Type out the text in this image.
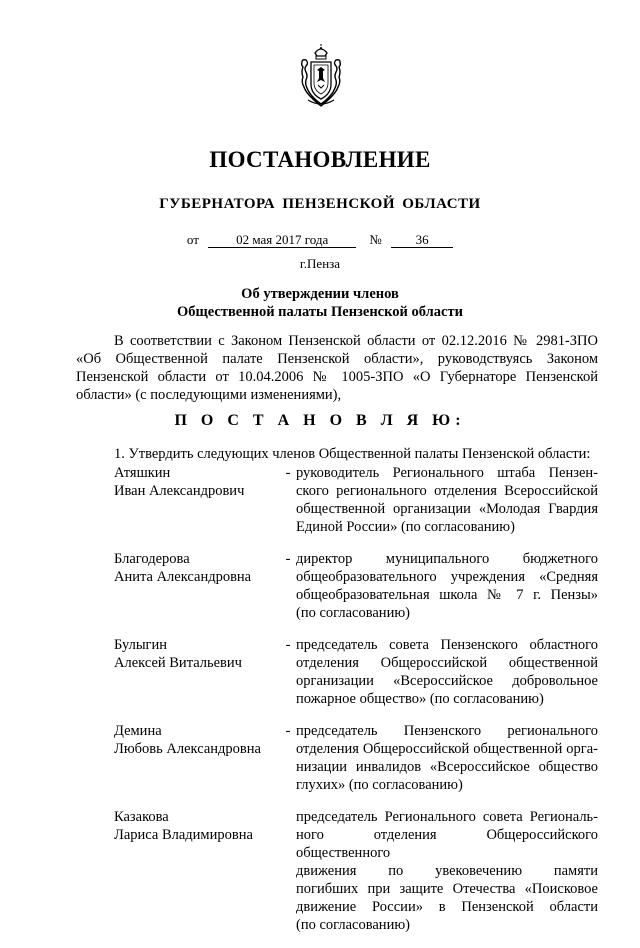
ПОСТАНОВЛЕНИЕ
ГУБЕРНАТОРА ПЕНЗЕНСКОЙ ОБЛАСТИ
от	02 мая 2017 года	№	36
г.Пенза
Об утверждении членов
Общественной палаты Пензенской области
В соответствии с Законом Пензенской области от 02.12.2016 № 2981-ЗПО «Об Общественной палате Пензенской области», руководствуясь Законом Пензенской области от 10.04.2006 № 1005-ЗПО «О Губернаторе Пензенской области» (с последующими изменениями),
П О С Т А Н О В Л Я Ю:
1. Утвердить следующих членов Общественной палаты Пензенской области:
Атяшкин
Иван Александрович
- руководитель Регионального штаба Пензен-
ского регионального отделения Всероссийской
общественной организации «Молодая Гвардия
Единой России» (по согласованию)
Благодерова
Анита Александровна
- директор муниципального бюджетного
общеобразовательного учреждения «Средняя
общеобразовательная школа № 7 г. Пензы»
(по согласованию)
Булыгин
Алексей Витальевич
- председатель совета Пензенского областного
отделения Общероссийской общественной
организации «Всероссийское добровольное
пожарное общество» (по согласованию)
Демина
Любовь Александровна
- председатель Пензенского регионального
отделения Общероссийской общественной орга-
низации инвалидов «Всероссийское общество
глухих» (по согласованию)
Казакова
Лариса Владимировна
председатель Регионального совета Региональ-
ного отделения Общероссийского общественного
движения по увековечению памяти
погибших при защите Отечества «Поисковое
движение России» в Пензенской области
(по согласованию)
